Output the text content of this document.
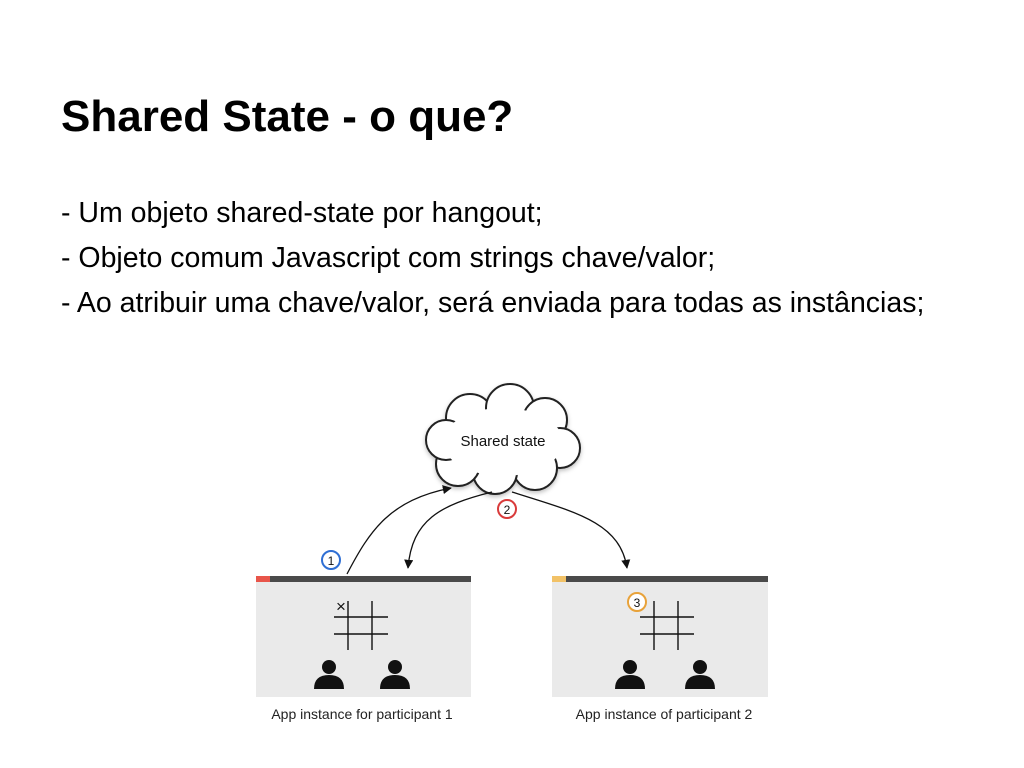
Shared State - o que?
- Um objeto shared-state por hangout;
- Objeto comum Javascript com strings chave/valor;
- Ao atribuir uma chave/valor, será enviada para todas as instâncias;
Shared state
1
2
×
App instance for participant 1
3
App instance of participant 2
